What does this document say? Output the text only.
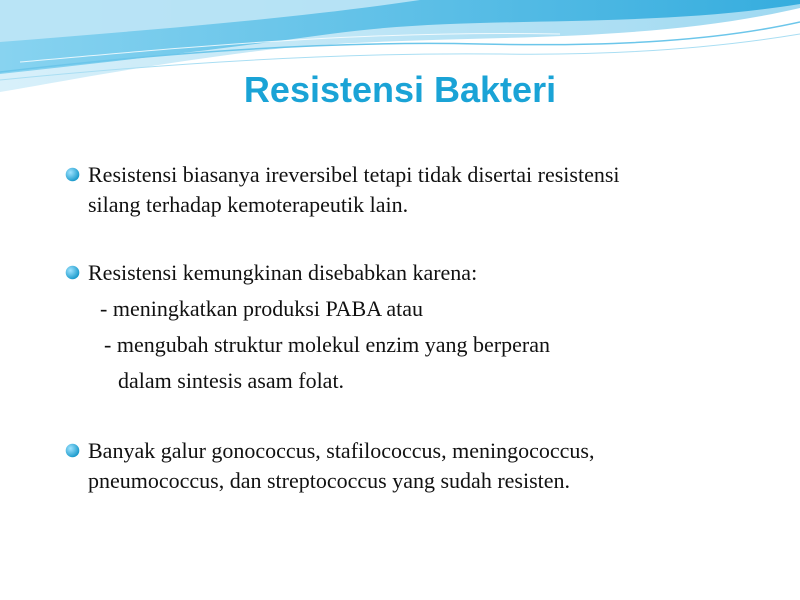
Resistensi Bakteri
Resistensi biasanya ireversibel tetapi tidak disertai resistensi
silang terhadap kemoterapeutik lain.
Resistensi kemungkinan disebabkan karena:
- meningkatkan produksi PABA atau
- mengubah struktur molekul enzim yang berperan
dalam sintesis asam folat.
Banyak galur gonococcus, stafilococcus, meningococcus,
pneumococcus, dan streptococcus yang sudah resisten.
